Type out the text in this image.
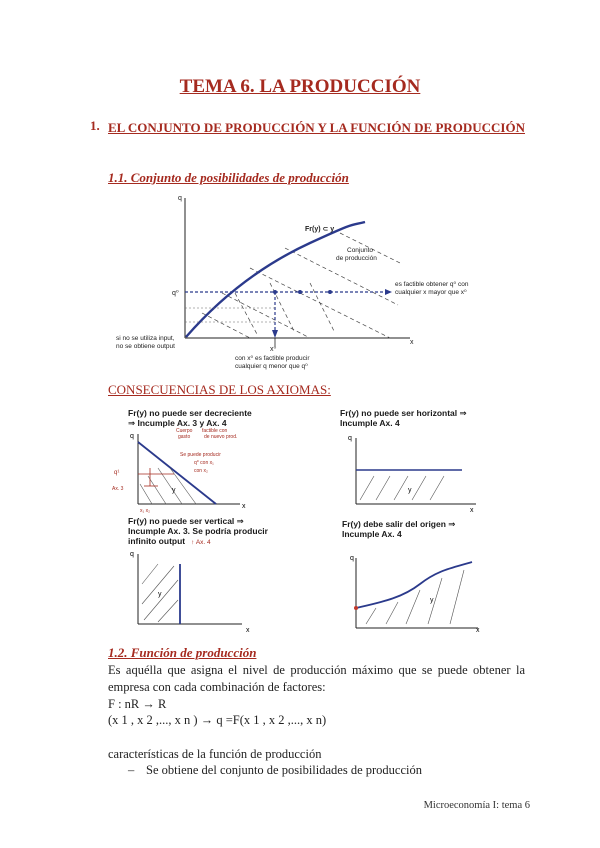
TEMA 6. LA PRODUCCIÓN
1. EL CONJUNTO DE PRODUCCIÓN Y LA FUNCIÓN DE PRODUCCIÓN
1.1. Conjunto de posibilidades de producción
q
x
Fr(y) ⊂ y
Conjunto
de producción
q⁰
x⁰
es factible obtener q⁰ con
cualquier x mayor que x⁰
si no se utiliza input,
no se obtiene output
con x⁰ es factible producir
cualquier q menor que q⁰
CONSECUENCIAS DE LOS AXIOMAS:
Fr(y) no puede ser decreciente
⇒ Incumple Ax. 3 y Ax. 4
q
x
y
Cuerpo factible con
gasto	de nuevo prod.
Se puede producir
q⁰ con x₁
con x₂
x₁ x₂
q¹
Ax. 3
Fr(y) no puede ser horizontal ⇒
Incumple Ax. 4
q
x
y
Fr(y) no puede ser vertical ⇒
Incumple Ax. 3. Se podría producir
infinito output ↑ Ax. 4
q
x
y
Fr(y) debe salir del origen ⇒
Incumple Ax. 4
q
x
y
1.2. Función de producción
Es aquélla que asigna el nivel de producción máximo que se puede obtener la empresa con cada combinación de factores:
F : nR → R
(x 1 , x 2 ,..., x n ) → q =F(x 1 , x 2 ,..., x n)
características de la función de producción
– Se obtiene del conjunto de posibilidades de producción
Microeconomía I: tema 6
